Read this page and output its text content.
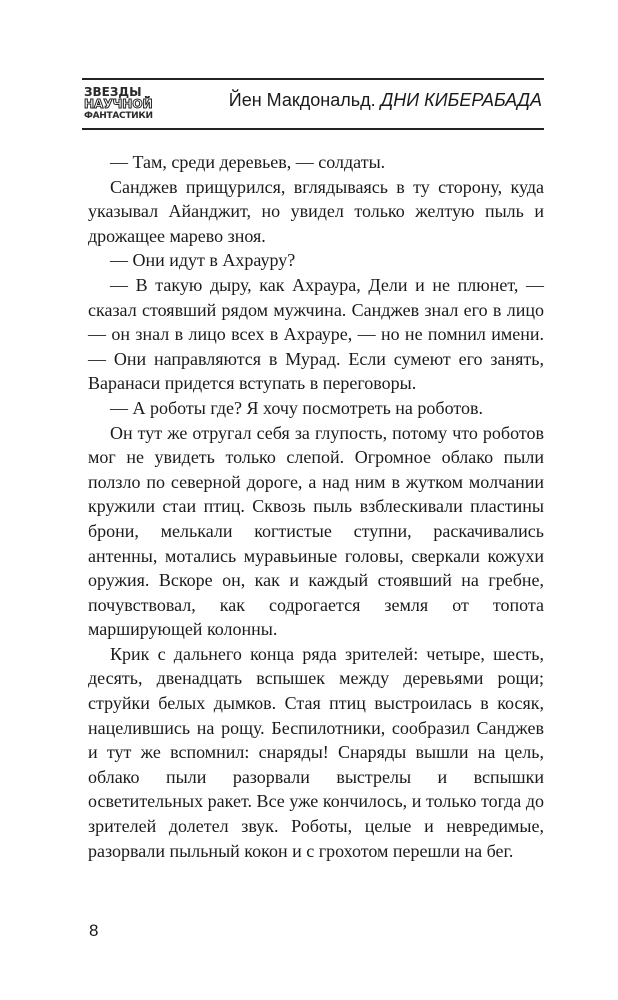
ЗВЕЗДЫ
НАУЧНОЙ
ФАНТАСТИКИ
Йен Макдональд. ДНИ КИБЕРАБАДА

— Там, среди деревьев, — солдаты.

Санджев прищурился, вглядываясь в ту сторону, куда указывал Айанджит, но увидел только желтую пыль и дрожащее марево зноя.

— Они идут в Ахрауру?

— В такую дыру, как Ахраура, Дели и не плюнет, — сказал стоявший рядом мужчина. Санджев знал его в лицо — он знал в лицо всех в Ахрауре, — но не помнил имени. — Они направляются в Мурад. Если сумеют его занять, Варанаси придется вступать в переговоры.

— А роботы где? Я хочу посмотреть на роботов.

Он тут же отругал себя за глупость, потому что роботов мог не увидеть только слепой. Огромное облако пыли ползло по северной дороге, а над ним в жутком молчании кружили стаи птиц. Сквозь пыль взблескивали пластины брони, мелькали когтистые ступни, раскачивались антенны, мотались муравьиные головы, сверкали кожухи оружия. Вскоре он, как и каждый стоявший на гребне, почувствовал, как содрогается земля от топота марширующей колонны.

Крик с дальнего конца ряда зрителей: четыре, шесть, десять, двенадцать вспышек между деревьями рощи; струйки белых дымков. Стая птиц выстроилась в косяк, нацелившись на рощу. Беспилотники, сообразил Санджев и тут же вспомнил: снаряды! Снаряды вышли на цель, облако пыли разорвали выстрелы и вспышки осветительных ракет. Все уже кончилось, и только тогда до зрителей долетел звук. Роботы, целые и невредимые, разорвали пыльный кокон и с грохотом перешли на бег.

8
